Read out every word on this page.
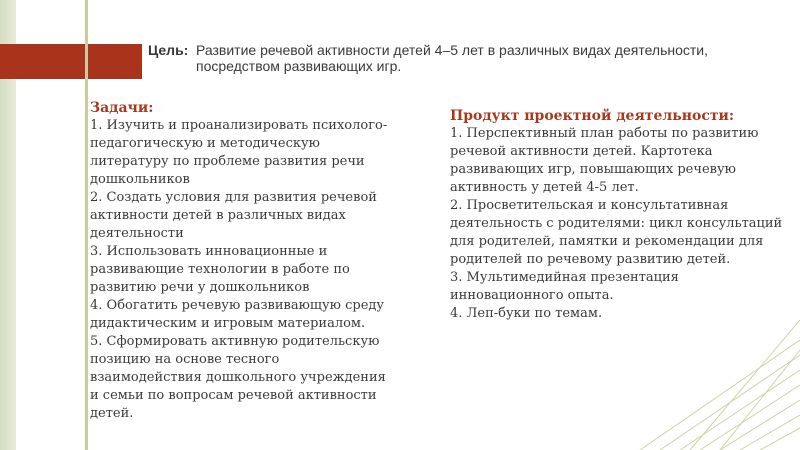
Цель: Развитие речевой активности детей 4–5 лет в различных видах деятельности,
посредством развивающих игр.
Задачи:
1. Изучить и проанализировать психолого-
педагогическую и методическую
литературу по проблеме развития речи
дошкольников
2. Создать условия для развития речевой
активности детей в различных видах
деятельности
3. Использовать инновационные и
развивающие технологии в работе по
развитию речи у дошкольников
4. Обогатить речевую развивающую среду
дидактическим и игровым материалом.
5. Сформировать активную родительскую
позицию на основе тесного
взаимодействия дошкольного учреждения
и семьи по вопросам речевой активности
детей.
Продукт проектной деятельности:
1. Перспективный план работы по развитию
речевой активности детей. Картотека
развивающих игр, повышающих речевую
активность у детей 4-5 лет.
2. Просветительская и консультативная
деятельность с родителями: цикл консультаций
для родителей, памятки и рекомендации для
родителей по речевому развитию детей.
3. Мультимедийная презентация
инновационного опыта.
4. Леп-буки по темам.
